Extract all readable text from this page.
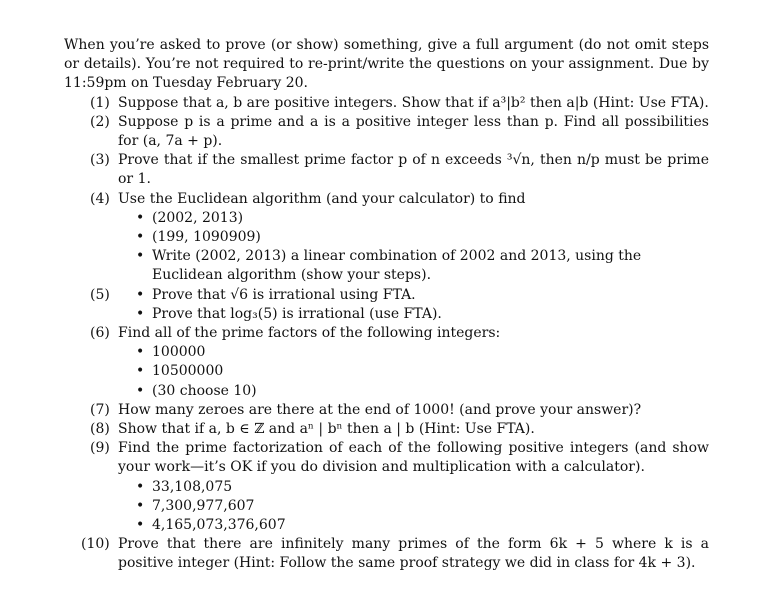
When you’re asked to prove (or show) something, give a full argument (do not omit steps or details). You’re not required to re-print/write the questions on your assignment. Due by 11:59pm on Tuesday February 20.
(1) Suppose that a, b are positive integers. Show that if a³|b² then a|b (Hint: Use FTA).
(2) Suppose p is a prime and a is a positive integer less than p. Find all possibilities for (a, 7a + p).
(3) Prove that if the smallest prime factor p of n exceeds ³√n, then n/p must be prime or 1.
(4) Use the Euclidean algorithm (and your calculator) to find
• (2002, 2013)
• (199, 1090909)
• Write (2002, 2013) a linear combination of 2002 and 2013, using the Euclidean algorithm (show your steps).
(5)
•	Prove that √6 is irrational using FTA.
• Prove that log₃(5) is irrational (use FTA).
(6) Find all of the prime factors of the following integers:
• 100000
• 10500000
• (30 choose 10)
(7) How many zeroes are there at the end of 1000! (and prove your answer)?
(8) Show that if a, b ∈ ℤ and aⁿ | bⁿ then a | b (Hint: Use FTA).
(9) Find the prime factorization of each of the following positive integers (and show your work—it’s OK if you do division and multiplication with a calculator).
• 33,108,075
• 7,300,977,607
• 4,165,073,376,607
(10) Prove that there are infinitely many primes of the form 6k + 5 where k is a positive integer (Hint: Follow the same proof strategy we did in class for 4k + 3).
